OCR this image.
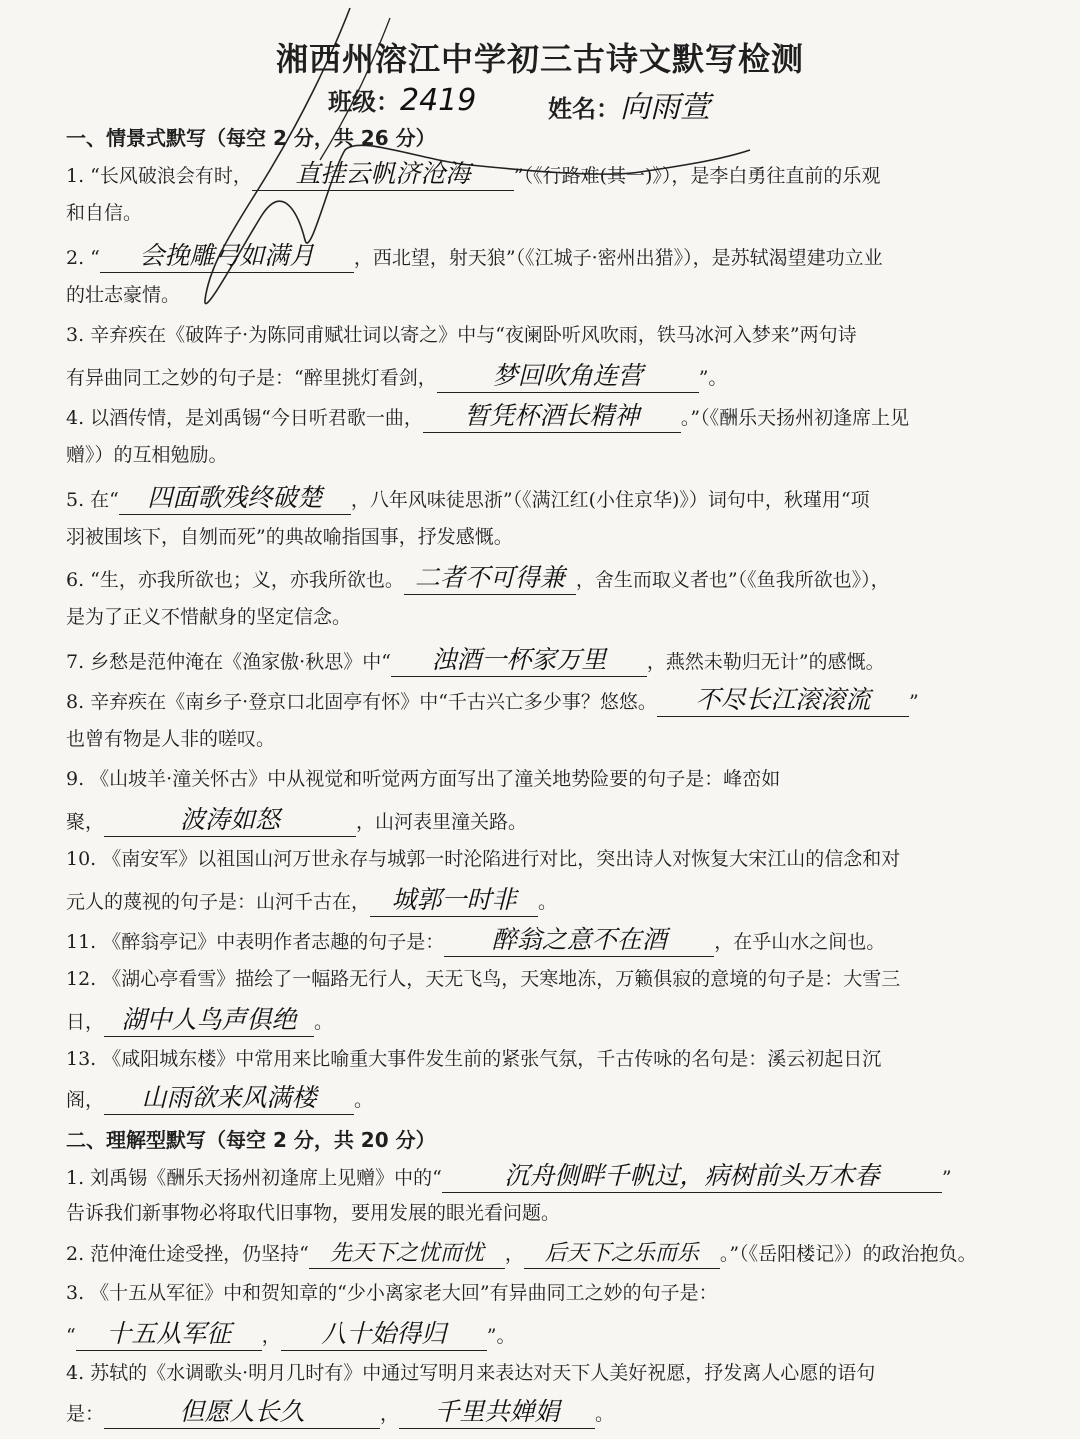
湘西州溶江中学初三古诗文默写检测
班级：2419	姓名：向雨萱
一、情景式默写（每空 2 分，共 26 分）
1. “长风破浪会有时， 直挂云帆济沧海 ”（《行路难(其一)》），是李白勇往直前的乐观
和自信。
2. “ 会挽雕弓如满月 ，西北望，射天狼”（《江城子·密州出猎》），是苏轼渴望建功立业
的壮志豪情。
3. 辛弃疾在《破阵子·为陈同甫赋壮词以寄之》中与“夜阑卧听风吹雨，铁马冰河入梦来”两句诗
有异曲同工之妙的句子是：“醉里挑灯看剑， 梦回吹角连营	”。
4. 以酒传情，是刘禹锡“今日听君歌一曲， 暂凭杯酒长精神 。”（《酬乐天扬州初逢席上见
赠》）的互相勉励。
5. 在“ 四面歌残终破楚 ，八年风味徒思浙”（《满江红(小住京华)》）词句中，秋瑾用“项
羽被围垓下，自刎而死”的典故喻指国事，抒发感慨。
6. “生，亦我所欲也；义，亦我所欲也。 二者不可得兼 ，舍生而取义者也”（《鱼我所欲也》），
是为了正义不惜献身的坚定信念。
7. 乡愁是范仲淹在《渔家傲·秋思》中“ 浊酒一杯家万里 ，燕然未勒归无计”的感慨。
8. 辛弃疾在《南乡子·登京口北固亭有怀》中“千古兴亡多少事？悠悠。 不尽长江滚滚流 ”
也曾有物是人非的嗟叹。
9. 《山坡羊·潼关怀古》中从视觉和听觉两方面写出了潼关地势险要的句子是：峰峦如
聚，	波涛如怒	，山河表里潼关路。
10. 《南安军》以祖国山河万世永存与城郭一时沦陷进行对比，突出诗人对恢复大宋江山的信念和对
元人的蔑视的句子是：山河千古在， 城郭一时非 。
11. 《醉翁亭记》中表明作者志趣的句子是： 醉翁之意不在酒	，在乎山水之间也。
12. 《湖心亭看雪》描绘了一幅路无行人，天无飞鸟，天寒地冻，万籁俱寂的意境的句子是：大雪三
日， 湖中人鸟声俱绝 。
13. 《咸阳城东楼》中常用来比喻重大事件发生前的紧张气氛，千古传咏的名句是：溪云初起日沉
阁， 山雨欲来风满楼 。
二、理解型默写（每空 2 分，共 20 分）
1. 刘禹锡《酬乐天扬州初逢席上见赠》中的“ 沉舟侧畔千帆过，病树前头万木春	”
告诉我们新事物必将取代旧事物，要用发展的眼光看问题。
2. 范仲淹仕途受挫，仍坚持“ 先天下之忧而忧 ， 后天下之乐而乐 。”（《岳阳楼记》）的政治抱负。
3. 《十五从军征》中和贺知章的“少小离家老大回”有异曲同工之妙的句子是：
“ 十五从军征 ， 八十始得归 ”。
4. 苏轼的《水调歌头·明月几时有》中通过写明月来表达对天下人美好祝愿，抒发离人心愿的语句
是：	但愿人长久	， 千里共婵娟 。
